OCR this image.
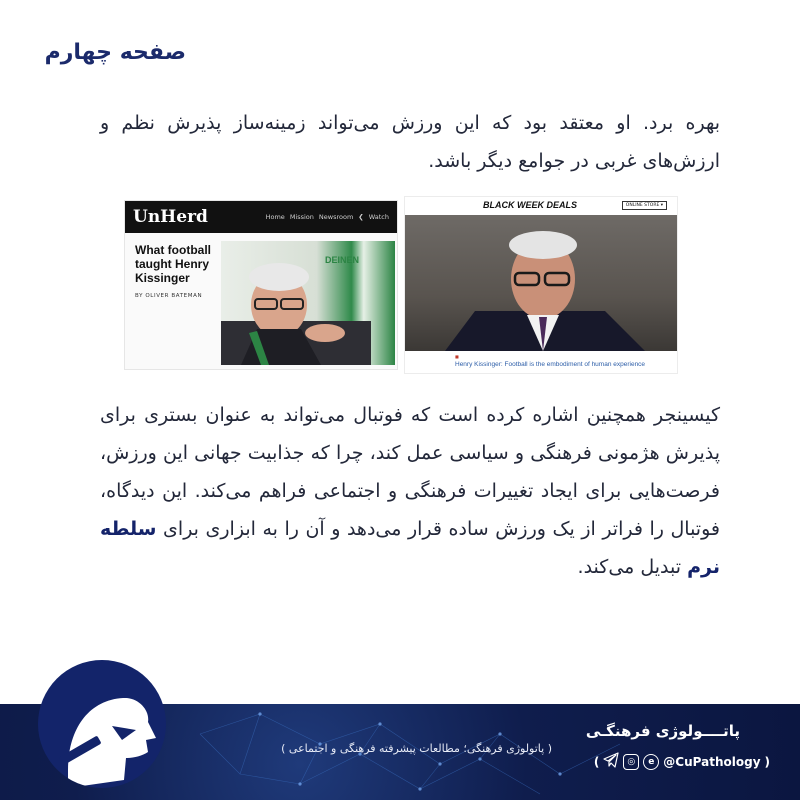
صفحه چهارم

بهره برد. او معتقد بود که این ورزش می‌تواند زمینه‌ساز پذیرش نظم و ارزش‌های غربی در جوامع دیگر باشد.

UnHerd	Home Mission Newsroom ❮ Watch
What football taught Henry Kissinger
BY OLIVER BATEMAN
DEINEN
BLACK WEEK DEALS	ONLINE STORE ▾
■
Henry Kissinger: Football is the embodiment of human experience

کیسینجر همچنین اشاره کرده است که فوتبال می‌تواند به عنوان بستری برای پذیرش هژمونی فرهنگی و سیاسی عمل کند، چرا که جذابیت جهانی این ورزش، فرصت‌هایی برای ایجاد تغییرات فرهنگی و اجتماعی فراهم می‌کند. این دیدگاه، فوتبال را فراتر از یک ورزش ساده قرار می‌دهد و آن را به ابزاری برای سلطه نرم تبدیل می‌کند.

( پاتولوژی فرهنگی؛ مطالعات پیشرفته فرهنگی و اجتماعی )
پاتــــولوژی فرهنگـی
(	◎	e @CuPathology )
